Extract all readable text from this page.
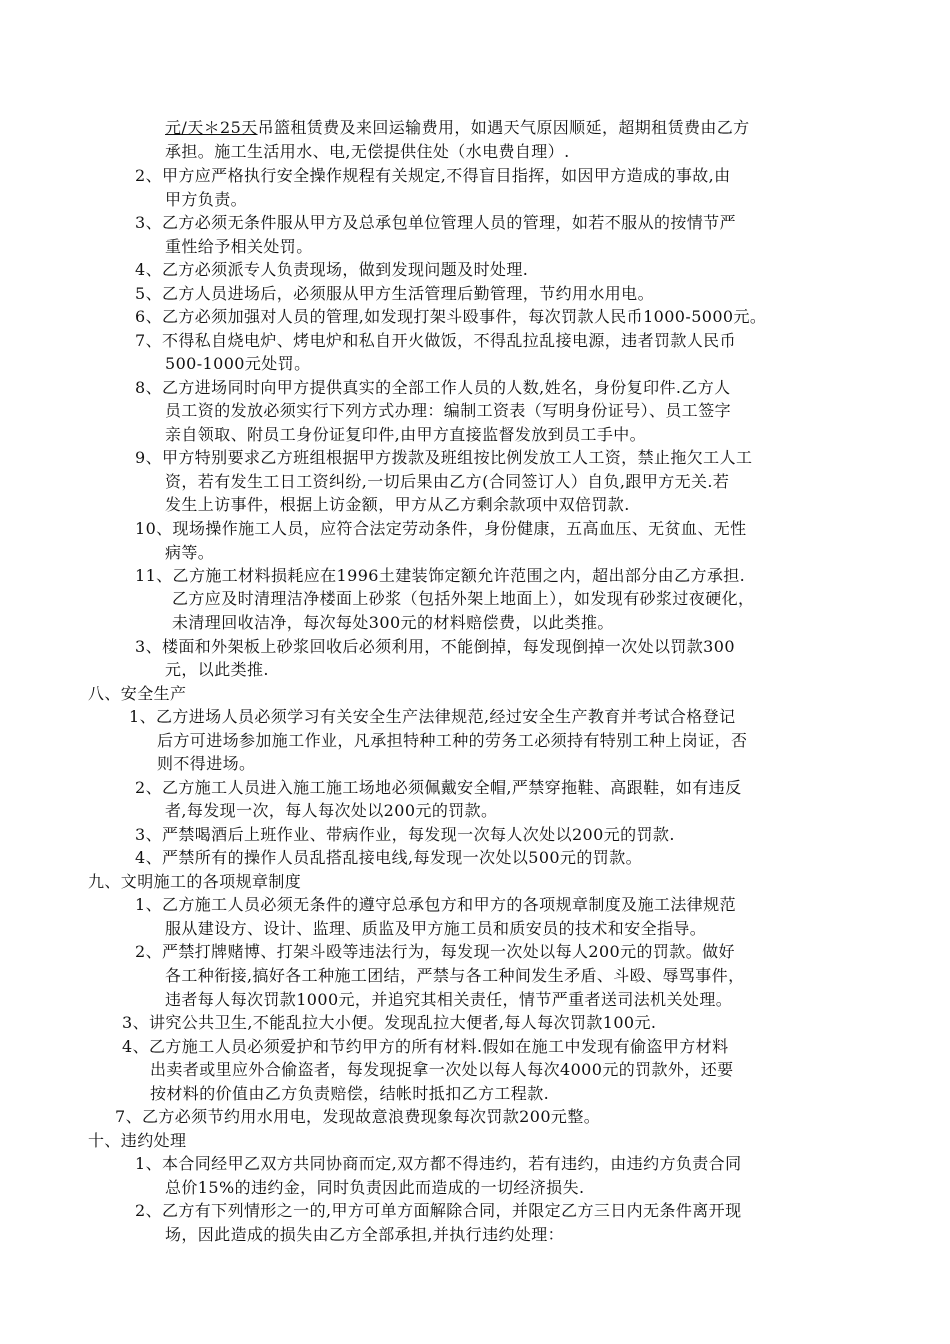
元/天＊25天吊篮租赁费及来回运输费用，如遇天气原因顺延，超期租赁费由乙方
承担。施工生活用水、电,无偿提供住处（水电费自理）.
2、甲方应严格执行安全操作规程有关规定,不得盲目指挥，如因甲方造成的事故,由
甲方负责。
3、乙方必须无条件服从甲方及总承包单位管理人员的管理，如若不服从的按情节严
重性给予相关处罚。
4、乙方必须派专人负责现场，做到发现问题及时处理.
5、乙方人员进场后，必须服从甲方生活管理后勤管理，节约用水用电。
6、乙方必须加强对人员的管理,如发现打架斗殴事件，每次罚款人民币1000-5000元。
7、不得私自烧电炉、烤电炉和私自开火做饭，不得乱拉乱接电源，违者罚款人民币
500-1000元处罚。
8、乙方进场同时向甲方提供真实的全部工作人员的人数,姓名，身份复印件.乙方人
员工资的发放必须实行下列方式办理：编制工资表（写明身份证号）、员工签字
亲自领取、附员工身份证复印件,由甲方直接监督发放到员工手中。
9、甲方特别要求乙方班组根据甲方拨款及班组按比例发放工人工资，禁止拖欠工人工
资，若有发生工日工资纠纷,一切后果由乙方(合同签订人）自负,跟甲方无关.若
发生上访事件，根据上访金额，甲方从乙方剩余款项中双倍罚款.
10、现场操作施工人员，应符合法定劳动条件，身份健康，五高血压、无贫血、无性
病等。
11、乙方施工材料损耗应在1996土建装饰定额允许范围之内，超出部分由乙方承担.
乙方应及时清理洁净楼面上砂浆（包括外架上地面上），如发现有砂浆过夜硬化，
未清理回收洁净，每次每处300元的材料赔偿费，以此类推。
3、楼面和外架板上砂浆回收后必须利用，不能倒掉，每发现倒掉一次处以罚款300
元，以此类推.
八、安全生产
1、乙方进场人员必须学习有关安全生产法律规范,经过安全生产教育并考试合格登记
后方可进场参加施工作业，凡承担特种工种的劳务工必须持有特别工种上岗证，否
则不得进场。
2、乙方施工人员进入施工施工场地必须佩戴安全帽,严禁穿拖鞋、高跟鞋，如有违反
者,每发现一次，每人每次处以200元的罚款。
3、严禁喝酒后上班作业、带病作业，每发现一次每人次处以200元的罚款.
4、严禁所有的操作人员乱搭乱接电线,每发现一次处以500元的罚款。
九、文明施工的各项规章制度
1、乙方施工人员必须无条件的遵守总承包方和甲方的各项规章制度及施工法律规范
服从建设方、设计、监理、质监及甲方施工员和质安员的技术和安全指导。
2、严禁打牌赌博、打架斗殴等违法行为，每发现一次处以每人200元的罚款。做好
各工种衔接,搞好各工种施工团结，严禁与各工种间发生矛盾、斗殴、辱骂事件，
违者每人每次罚款1000元，并追究其相关责任，情节严重者送司法机关处理。
3、讲究公共卫生,不能乱拉大小便。发现乱拉大便者,每人每次罚款100元.
4、乙方施工人员必须爱护和节约甲方的所有材料.假如在施工中发现有偷盗甲方材料
出卖者或里应外合偷盗者，每发现捉拿一次处以每人每次4000元的罚款外，还要
按材料的价值由乙方负责赔偿，结帐时抵扣乙方工程款.
7、乙方必须节约用水用电，发现故意浪费现象每次罚款200元整。
十、违约处理
1、本合同经甲乙双方共同协商而定,双方都不得违约，若有违约，由违约方负责合同
总价15%的违约金，同时负责因此而造成的一切经济损失.
2、乙方有下列情形之一的,甲方可单方面解除合同，并限定乙方三日内无条件离开现
场，因此造成的损失由乙方全部承担,并执行违约处理：
